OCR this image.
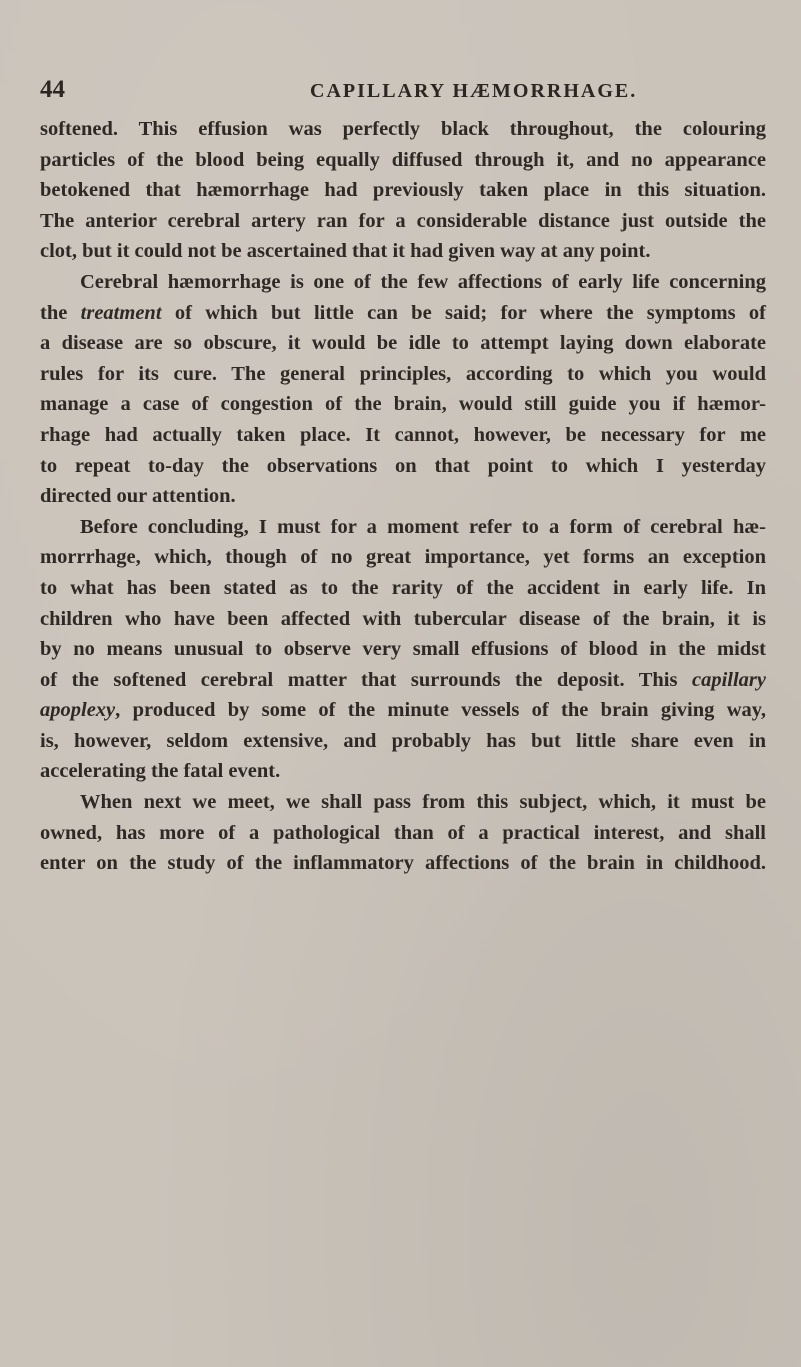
44	CAPILLARY HÆMORRHAGE.
softened. This effusion was perfectly black throughout, the colouring
particles of the blood being equally diffused through it, and no appearance
betokened that hæmorrhage had previously taken place in this situation.
The anterior cerebral artery ran for a considerable distance just outside the
clot, but it could not be ascertained that it had given way at any point.
Cerebral hæmorrhage is one of the few affections of early life concerning
the treatment of which but little can be said; for where the symptoms of
a disease are so obscure, it would be idle to attempt laying down elaborate
rules for its cure. The general principles, according to which you would
manage a case of congestion of the brain, would still guide you if hæmor-
rhage had actually taken place. It cannot, however, be necessary for me
to repeat to-day the observations on that point to which I yesterday
directed our attention.
Before concluding, I must for a moment refer to a form of cerebral hæ-
morrrhage, which, though of no great importance, yet forms an exception
to what has been stated as to the rarity of the accident in early life. In
children who have been affected with tubercular disease of the brain, it is
by no means unusual to observe very small effusions of blood in the midst
of the softened cerebral matter that surrounds the deposit. This capillary
apoplexy, produced by some of the minute vessels of the brain giving way,
is, however, seldom extensive, and probably has but little share even in
accelerating the fatal event.
When next we meet, we shall pass from this subject, which, it must be
owned, has more of a pathological than of a practical interest, and shall
enter on the study of the inflammatory affections of the brain in childhood.
